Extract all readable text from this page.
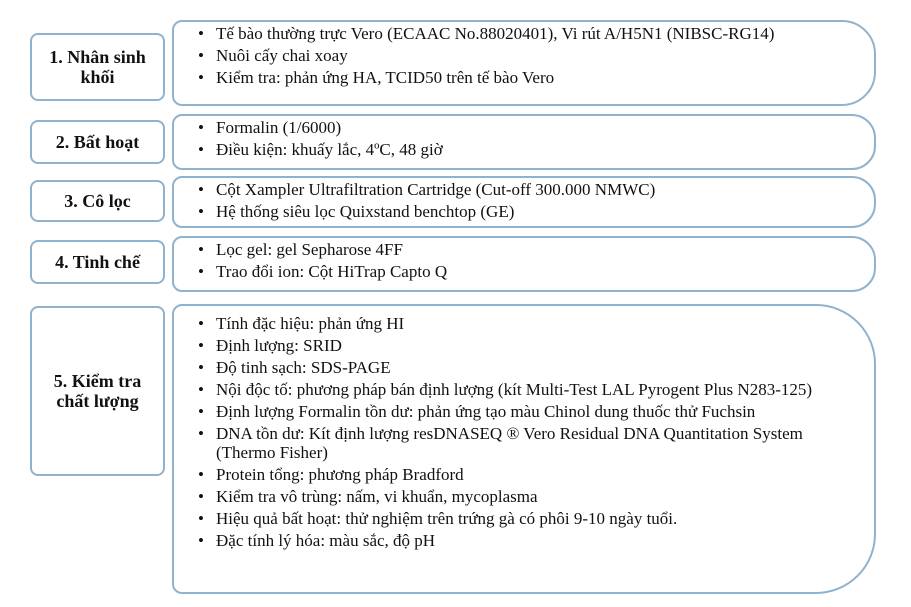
1. Nhân sinh khối
• Tế bào thường trực Vero (ECAAC No.88020401), Vi rút A/H5N1 (NIBSC-RG14)
• Nuôi cấy chai xoay
• Kiểm tra: phản ứng HA, TCID50 trên tế bào Vero
2. Bất hoạt
• Formalin (1/6000)
• Điều kiện: khuấy lắc, 4ºC, 48 giờ
3. Cô lọc
• Cột Xampler Ultrafiltration Cartridge (Cut-off 300.000 NMWC)
• Hệ thống siêu lọc Quixstand benchtop (GE)
4. Tinh chế
• Lọc gel: gel Sepharose 4FF
• Trao đổi ion: Cột HiTrap Capto Q
5. Kiểm tra chất lượng
• Tính đặc hiệu: phản ứng HI
• Định lượng: SRID
• Độ tinh sạch: SDS-PAGE
• Nội độc tố: phương pháp bán định lượng (kít Multi-Test LAL Pyrogent Plus N283-125)
• Định lượng Formalin tồn dư: phản ứng tạo màu Chinol dung thuốc thử Fuchsin
• DNA tồn dư: Kít định lượng resDNASEQ ® Vero Residual DNA Quantitation System (Thermo Fisher)
• Protein tổng: phương pháp Bradford
• Kiểm tra vô trùng: nấm, vi khuẩn, mycoplasma
• Hiệu quả bất hoạt: thử nghiệm trên trứng gà có phôi 9-10 ngày tuổi.
• Đặc tính lý hóa: màu sắc, độ pH
